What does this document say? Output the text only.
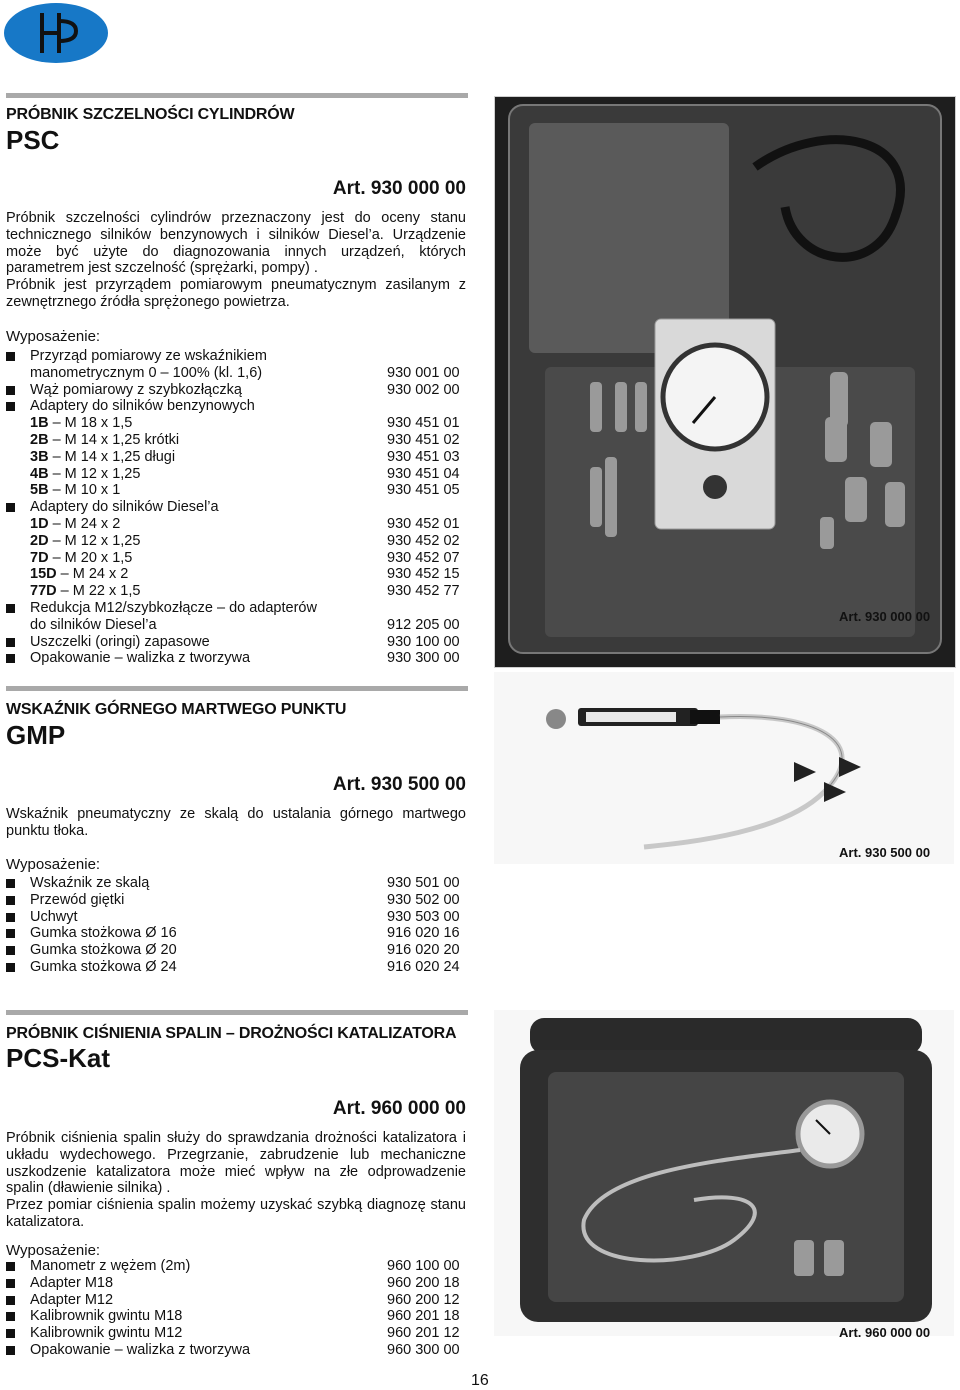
PRÓBNIK SZCZELNOŚCI CYLINDRÓW
PSC
Art. 930 000 00

Próbnik szczelności cylindrów przeznaczony jest do oceny stanu technicznego silników benzynowych i silników Diesel’a. Urządzenie może być użyte do diagnozowania innych urządzeń, których parametrem jest szczelność (sprężarki, pompy) .

Próbnik jest przyrządem pomiarowym pneumatycznym zasilanym z zewnętrznego źródła sprężonego powietrza.

Wyposażenie:
Przyrząd pomiarowy ze wskaźnikiem
manometrycznym 0 – 100% (kl. 1,6)	930 001 00
Wąż pomiarowy z szybkozłączką	930 002 00
Adaptery do silników benzynowych
1B – M 18 x 1,5	930 451 01
2B – M 14 x 1,25 krótki	930 451 02
3B – M 14 x 1,25 długi	930 451 03
4B – M 12 x 1,25	930 451 04
5B – M 10 x 1	930 451 05
Adaptery do silników Diesel’a
1D – M 24 x 2	930 452 01
2D – M 12 x 1,25	930 452 02
7D – M 20 x 1,5	930 452 07
15D – M 24 x 2	930 452 15
77D – M 22 x 1,5	930 452 77
Redukcja M12/szybkozłącze – do adapterów
do silników Diesel’a	912 205 00
Uszczelki (oringi) zapasowe	930 100 00
Opakowanie – walizka z tworzywa	930 300 00
Art. 930 000 00
WSKAŹNIK GÓRNEGO MARTWEGO PUNKTU
GMP
Art. 930 500 00

Wskaźnik pneumatyczny ze skalą do ustalania górnego martwego punktu tłoka.

Wyposażenie:
Wskaźnik ze skalą	930 501 00
Przewód giętki	930 502 00
Uchwyt	930 503 00
Gumka stożkowa Ø 16	916 020 16
Gumka stożkowa Ø 20	916 020 20
Gumka stożkowa Ø 24	916 020 24
Art. 930 500 00
PRÓBNIK CIŚNIENIA SPALIN – DROŻNOŚCI KATALIZATORA
PCS-Kat
Art. 960 000 00

Próbnik ciśnienia spalin służy do sprawdzania drożności katalizatora i układu wydechowego. Przegrzanie, zabrudzenie lub mechaniczne uszkodzenie katalizatora może mieć wpływ na złe odprowadzenie spalin (dławienie silnika) .

Przez pomiar ciśnienia spalin możemy uzyskać szybką diagnozę stanu katalizatora.

Wyposażenie:
Manometr z wężem (2m)	960 100 00
Adapter M18	960 200 18
Adapter M12	960 200 12
Kalibrownik gwintu M18	960 201 18
Kalibrownik gwintu M12	960 201 12
Opakowanie – walizka z tworzywa	960 300 00
Art. 960 000 00
16
